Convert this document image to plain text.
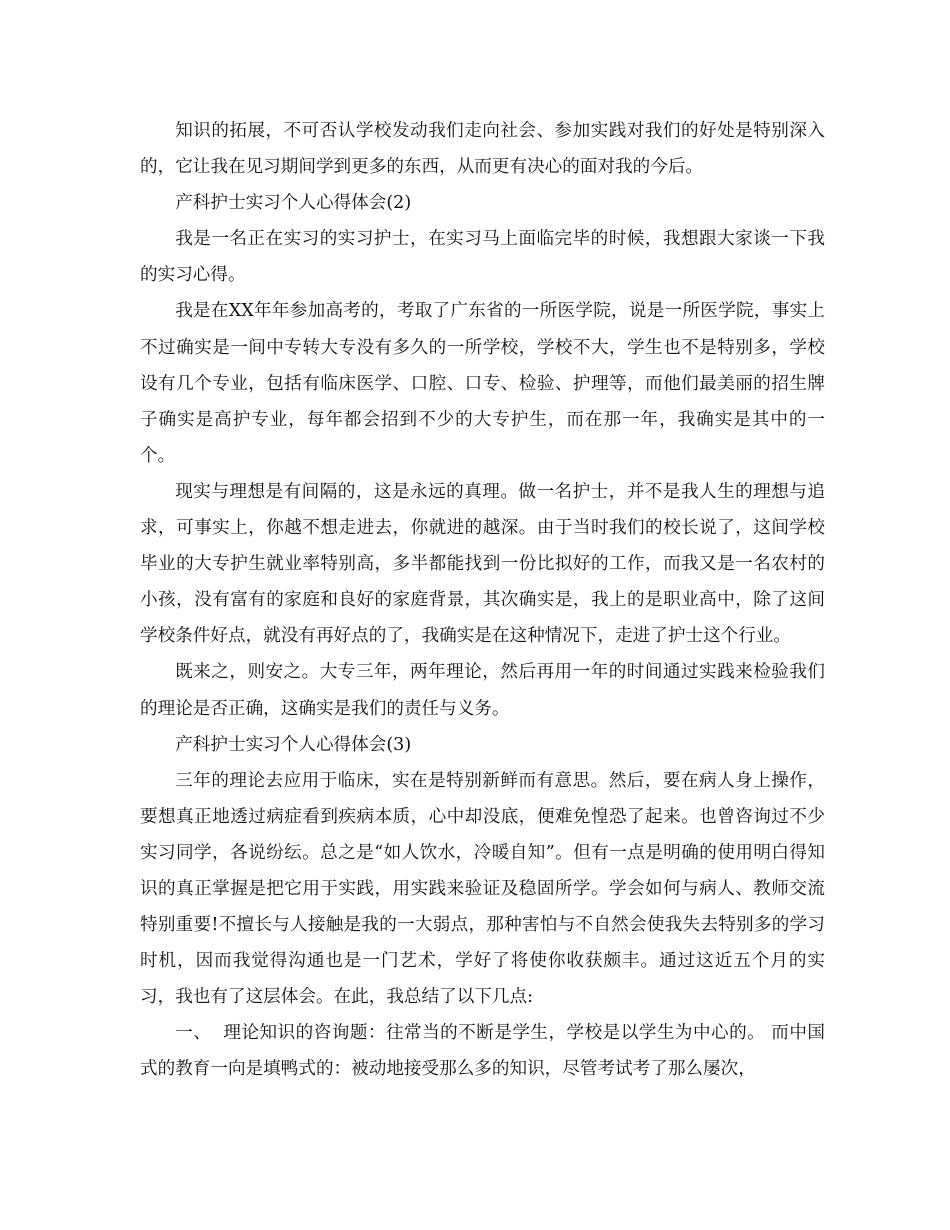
知识的拓展，不可否认学校发动我们走向社会、参加实践对我们的好处是特别深入的，它让我在见习期间学到更多的东西，从而更有决心的面对我的今后。

产科护士实习个人心得体会(2)

我是一名正在实习的实习护士，在实习马上面临完毕的时候，我想跟大家谈一下我的实习心得。

我是在XX年年参加高考的，考取了广东省的一所医学院，说是一所医学院，事实上不过确实是一间中专转大专没有多久的一所学校，学校不大，学生也不是特别多，学校设有几个专业，包括有临床医学、口腔、口专、检验、护理等，而他们最美丽的招生牌子确实是高护专业，每年都会招到不少的大专护生，而在那一年，我确实是其中的一个。

现实与理想是有间隔的，这是永远的真理。做一名护士，并不是我人生的理想与追求，可事实上，你越不想走进去，你就进的越深。由于当时我们的校长说了，这间学校毕业的大专护生就业率特别高，多半都能找到一份比拟好的工作，而我又是一名农村的小孩，没有富有的家庭和良好的家庭背景，其次确实是，我上的是职业高中，除了这间学校条件好点，就没有再好点的了，我确实是在这种情况下，走进了护士这个行业。

既来之，则安之。大专三年，两年理论，然后再用一年的时间通过实践来检验我们的理论是否正确，这确实是我们的责任与义务。

产科护士实习个人心得体会(3)

三年的理论去应用于临床，实在是特别新鲜而有意思。然后，要在病人身上操作，要想真正地透过病症看到疾病本质，心中却没底，便难免惶恐了起来。也曾咨询过不少实习同学，各说纷纭。总之是“如人饮水，冷暖自知”。但有一点是明确的使用明白得知识的真正掌握是把它用于实践，用实践来验证及稳固所学。学会如何与病人、教师交流特别重要!不擅长与人接触是我的一大弱点，那种害怕与不自然会使我失去特别多的学习时机，因而我觉得沟通也是一门艺术，学好了将使你收获颇丰。通过这近五个月的实习，我也有了这层体会。在此，我总结了以下几点:

一、  理论知识的咨询题：往常当的不断是学生，学校是以学生为中心的。 而中国式的教育一向是填鸭式的：被动地接受那么多的知识，尽管考试考了那么屡次，
